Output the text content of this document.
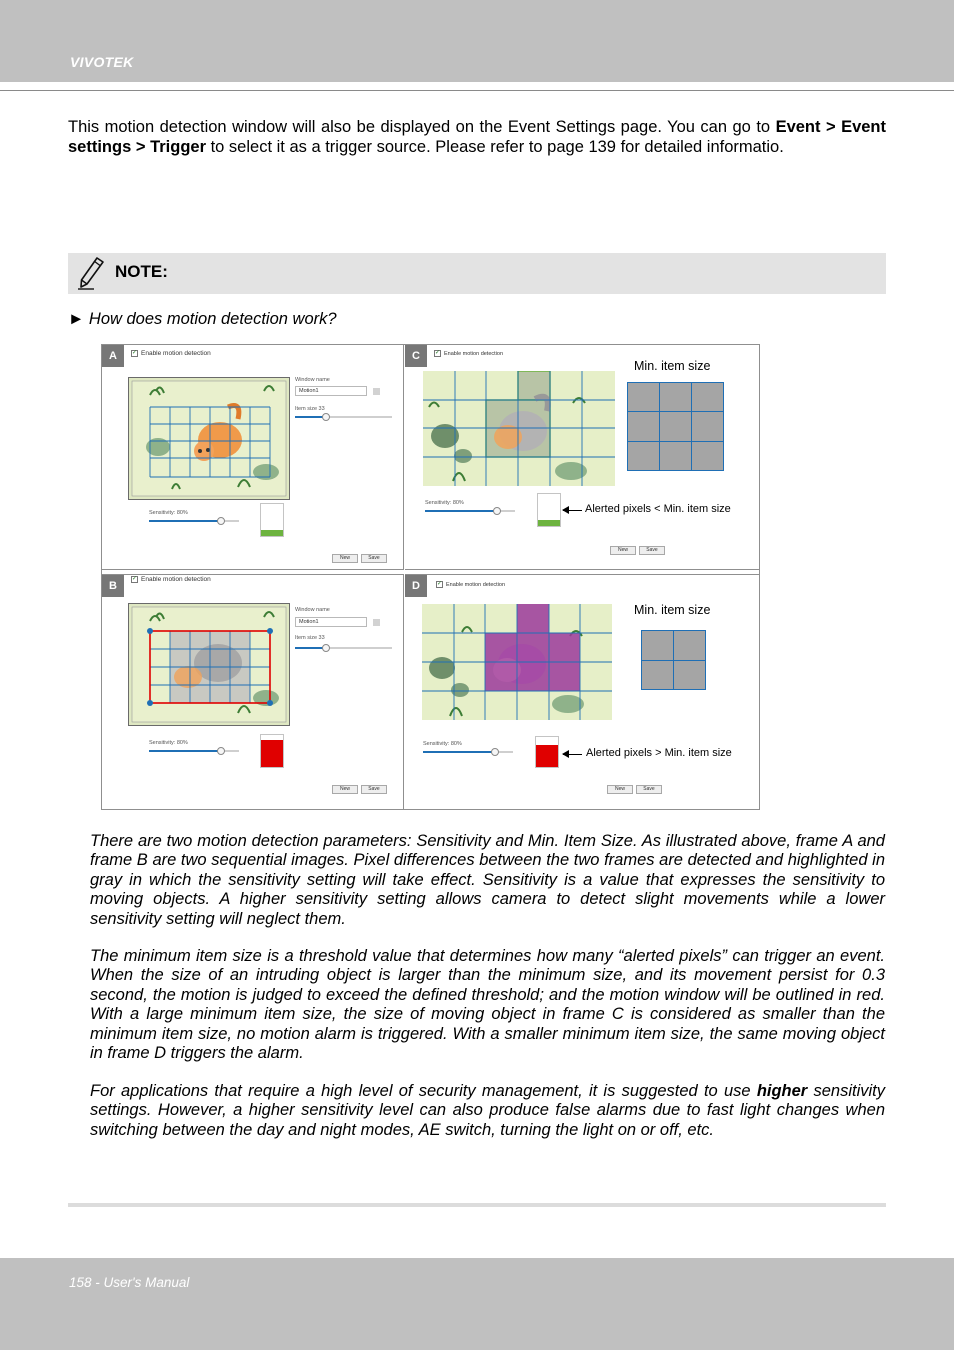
VIVOTEK

This motion detection window will also be displayed on the Event Settings page. You can go to Event > Event settings > Trigger to select it as a trigger source. Please refer to page 139 for detailed informatio.

NOTE:
► How does motion detection work?
A	✓ Enable motion detection
Window name
Motion1
Item size 33
Sensitivity: 80%
New	Save
C	✓ Enable motion detection
Sensitivity: 80%	Alerted pixels < Min. item size
Min. item size
New	Save
B
✓ Enable motion detection
Window name
Motion1
Item size 33
Sensitivity: 80%
New	Save
D	✓ Enable motion detection
Sensitivity: 80%
Alerted pixels > Min. item size
Min. item size
New	Save

There are two motion detection parameters: Sensitivity and Min. Item Size. As illustrated above, frame A and frame B are two sequential images. Pixel differences between the two frames are detected and highlighted in gray in which the sensitivity setting will take effect. Sensitivity is a value that expresses the sensitivity to moving objects. A higher sensitivity setting allows camera to detect slight movements while a lower sensitivity setting will neglect them.

The minimum item size is a threshold value that determines how many “alerted pixels” can trigger an event. When the size of an intruding object is larger than the minimum size, and its movement persist for 0.3 second, the motion is judged to exceed the defined threshold; and the motion window will be outlined in red. With a large minimum item size, the size of moving object in frame C is considered as smaller than the minimum item size, no motion alarm is triggered. With a smaller minimum item size, the same moving object in frame D triggers the alarm.

For applications that require a high level of security management, it is suggested to use higher sensitivity settings. However, a higher sensitivity level can also produce false alarms due to fast light changes when switching between the day and night modes, AE switch, turning the light on or off, etc.

158 - User's Manual
